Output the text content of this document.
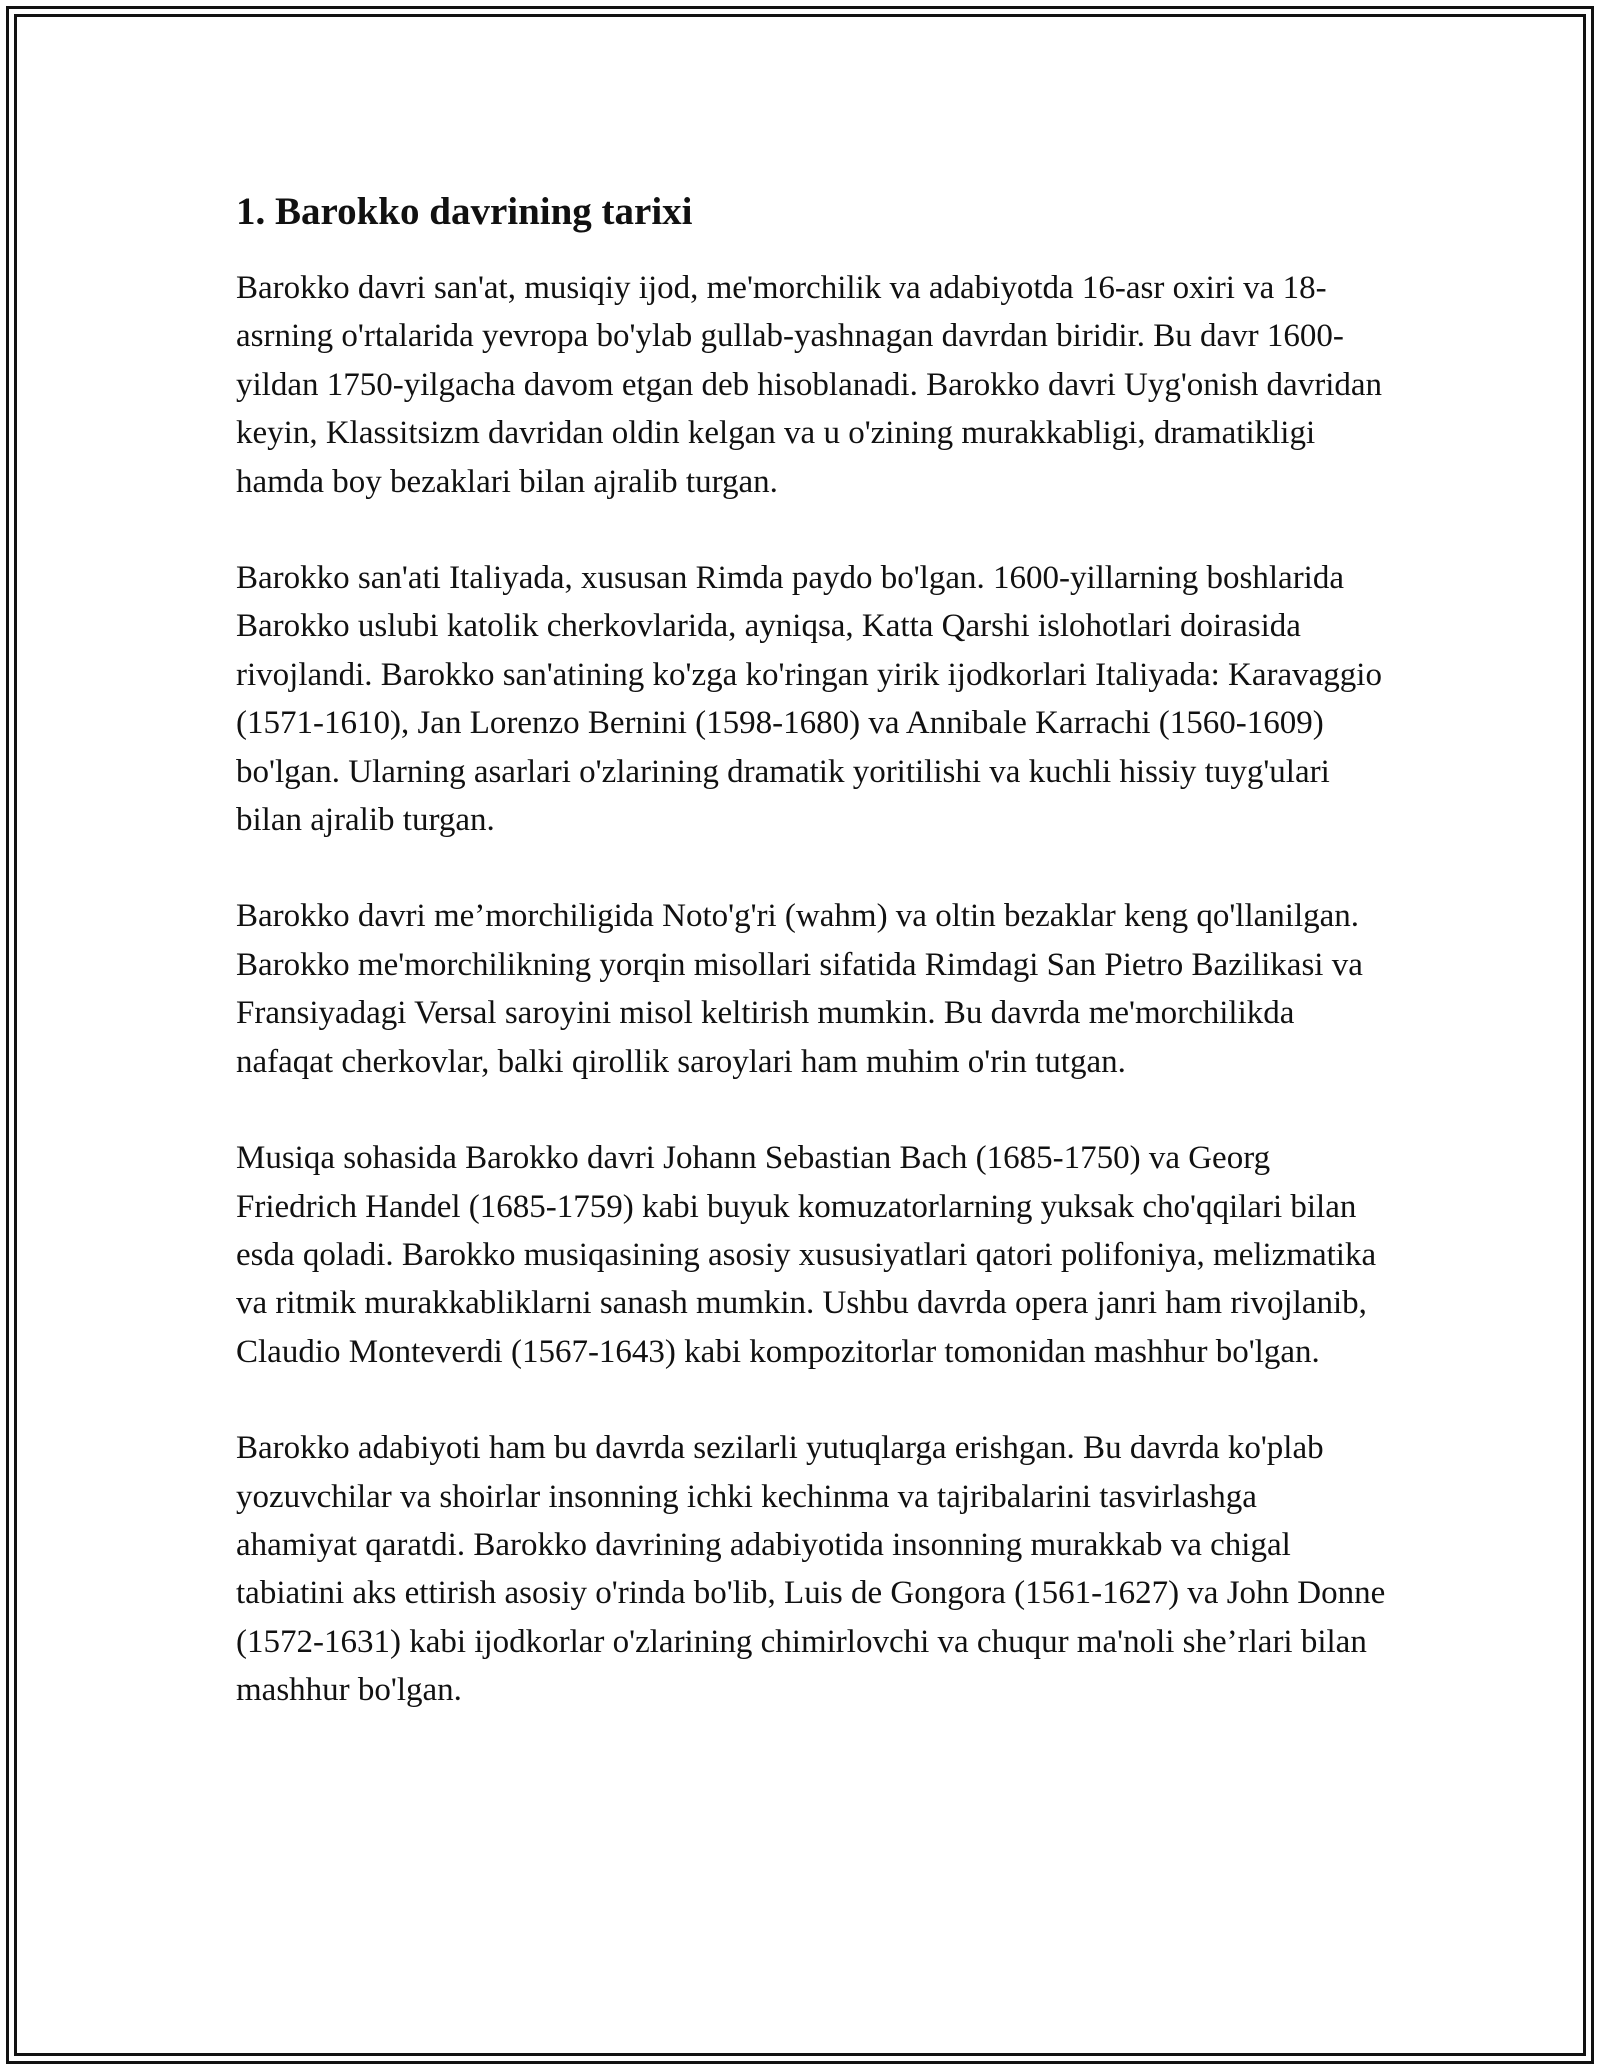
1. Barokko davrining tarixi

Barokko davri san'at, musiqiy ijod, me'morchilik va adabiyotda 16-asr oxiri va 18-asrning o'rtalarida yevropa bo'ylab gullab-yashnagan davrdan biridir. Bu davr 1600-yildan 1750-yilgacha davom etgan deb hisoblanadi. Barokko davri Uyg'onish davridan keyin, Klassitsizm davridan oldin kelgan va u o'zining murakkabligi, dramatikligi hamda boy bezaklari bilan ajralib turgan.

Barokko san'ati Italiyada, xususan Rimda paydo bo'lgan. 1600-yillarning boshlarida Barokko uslubi katolik cherkovlarida, ayniqsa, Katta Qarshi islohotlari doirasida rivojlandi. Barokko san'atining ko'zga ko'ringan yirik ijodkorlari Italiyada: Karavaggio (1571-1610), Jan Lorenzo Bernini (1598-1680) va Annibale Karrachi (1560-1609) bo'lgan. Ularning asarlari o'zlarining dramatik yoritilishi va kuchli hissiy tuyg'ulari bilan ajralib turgan.

Barokko davri me’morchiligida Noto'g'ri (wahm) va oltin bezaklar keng qo'llanilgan. Barokko me'morchilikning yorqin misollari sifatida Rimdagi San Pietro Bazilikasi va Fransiyadagi Versal saroyini misol keltirish mumkin. Bu davrda me'morchilikda nafaqat cherkovlar, balki qirollik saroylari ham muhim o'rin tutgan.

Musiqa sohasida Barokko davri Johann Sebastian Bach (1685-1750) va Georg Friedrich Handel (1685-1759) kabi buyuk komuzatorlarning yuksak cho'qqilari bilan esda qoladi. Barokko musiqasining asosiy xususiyatlari qatori polifoniya, melizmatika va ritmik murakkabliklarni sanash mumkin. Ushbu davrda opera janri ham rivojlanib, Claudio Monteverdi (1567-1643) kabi kompozitorlar tomonidan mashhur bo'lgan.

Barokko adabiyoti ham bu davrda sezilarli yutuqlarga erishgan. Bu davrda ko'plab yozuvchilar va shoirlar insonning ichki kechinma va tajribalarini tasvirlashga ahamiyat qaratdi. Barokko davrining adabiyotida insonning murakkab va chigal tabiatini aks ettirish asosiy o'rinda bo'lib, Luis de Gongora (1561-1627) va John Donne (1572-1631) kabi ijodkorlar o'zlarining chimirlovchi va chuqur ma'noli she’rlari bilan mashhur bo'lgan.
